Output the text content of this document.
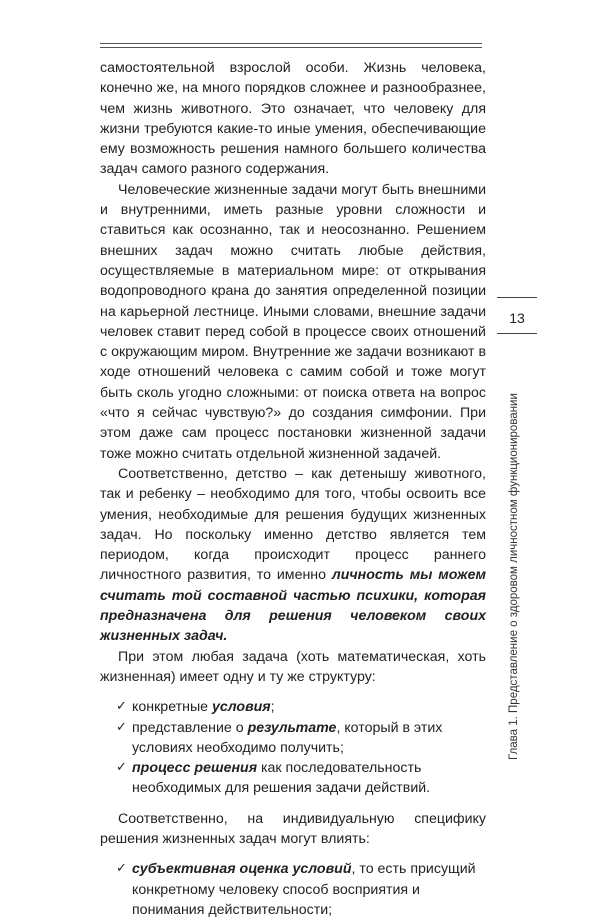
самостоятельной взрослой особи. Жизнь человека, конечно же, на много порядков сложнее и разнообразнее, чем жизнь животного. Это означает, что человеку для жизни требуются какие-то иные умения, обеспечивающие ему возможность решения намного большего количества задач самого разного содержания.

Человеческие жизненные задачи могут быть внешними и внутренними, иметь разные уровни сложности и ставиться как осознанно, так и неосознанно. Решением внешних задач можно считать любые действия, осуществляемые в материальном мире: от открывания водопроводного крана до занятия определенной позиции на карьерной лестнице. Иными словами, внешние задачи человек ставит перед собой в процессе своих отношений с окружающим миром. Внутренние же задачи возникают в ходе отношений человека с самим собой и тоже могут быть сколь угодно сложными: от поиска ответа на вопрос «что я сейчас чувствую?» до создания симфонии. При этом даже сам процесс постановки жизненной задачи тоже можно считать отдельной жизненной задачей.

Соответственно, детство – как детенышу животного, так и ребенку – необходимо для того, чтобы освоить все умения, необходимые для решения будущих жизненных задач. Но поскольку именно детство является тем периодом, когда происходит процесс раннего личностного развития, то именно личность мы можем считать той составной частью психики, которая предназначена для решения человеком своих жизненных задач.

При этом любая задача (хоть математическая, хоть жизненная) имеет одну и ту же структуру:

✓ конкретные условия;
✓ представление о результате, который в этих условиях необходимо получить;
✓ процесс решения как последовательность необходимых для решения задачи действий.

Соответственно, на индивидуальную специфику решения жизненных задач могут влиять:

✓ субъективная оценка условий, то есть присущий конкретному человеку способ восприятия и понимания действительности;
13
Глава 1. Представление о здоровом личностном функционировании
